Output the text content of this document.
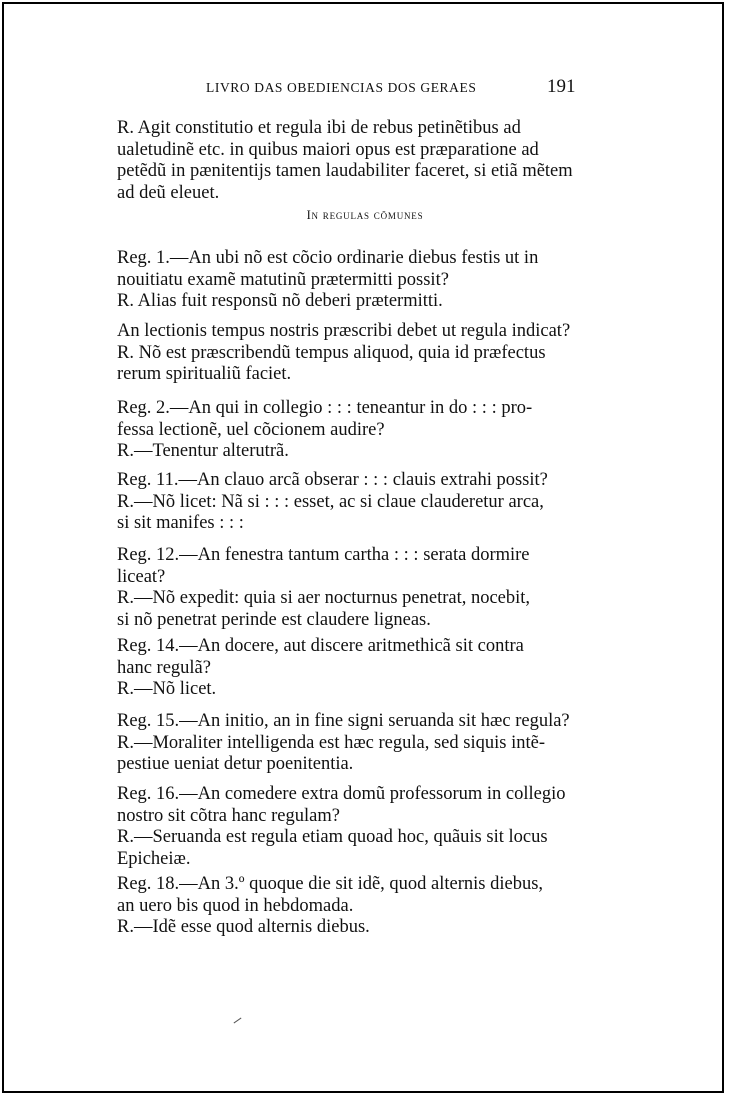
LIVRO DAS OBEDIENCIAS DOS GERAES	191
R. Agit constitutio et regula ibi de rebus petinẽtibus ad
ualetudinẽ etc. in quibus maiori opus est præparatione ad
petẽdũ in pænitentijs tamen laudabiliter faceret, si etiã mẽtem
ad deũ eleuet.
In regulas cõmunes
Reg. 1.—An ubi nõ est cõcio ordinarie diebus festis ut in
nouitiatu examẽ matutinũ prætermitti possit?
R. Alias fuit responsũ nõ deberi prætermitti.
An lectionis tempus nostris præscribi debet ut regula indicat?
R. Nõ est præscribendũ tempus aliquod, quia id præfectus
rerum spiritualiũ faciet.
Reg. 2.—An qui in collegio : : : teneantur in do : : : pro-
fessa lectionẽ, uel cõcionem audire?
R.—Tenentur alterutrã.
Reg. 11.—An clauo arcã obserar : : : clauis extrahi possit?
R.—Nõ licet: Nã si : : : esset, ac si claue clauderetur arca,
si sit manifes : : :
Reg. 12.—An fenestra tantum cartha : : : serata dormire
liceat?
R.—Nõ expedit: quia si aer nocturnus penetrat, nocebit,
si nõ penetrat perinde est claudere ligneas.
Reg. 14.—An docere, aut discere aritmethicã sit contra
hanc regulã?
R.—Nõ licet.
Reg. 15.—An initio, an in fine signi seruanda sit hæc regula?
R.—Moraliter intelligenda est hæc regula, sed siquis intẽ-
pestiue ueniat detur poenitentia.
Reg. 16.—An comedere extra domũ professorum in collegio
nostro sit cõtra hanc regulam?
R.—Seruanda est regula etiam quoad hoc, quãuis sit locus
Epicheiæ.
Reg. 18.—An 3.º quoque die sit idẽ, quod alternis diebus,
an uero bis quod in hebdomada.
R.—Idẽ esse quod alternis diebus.
